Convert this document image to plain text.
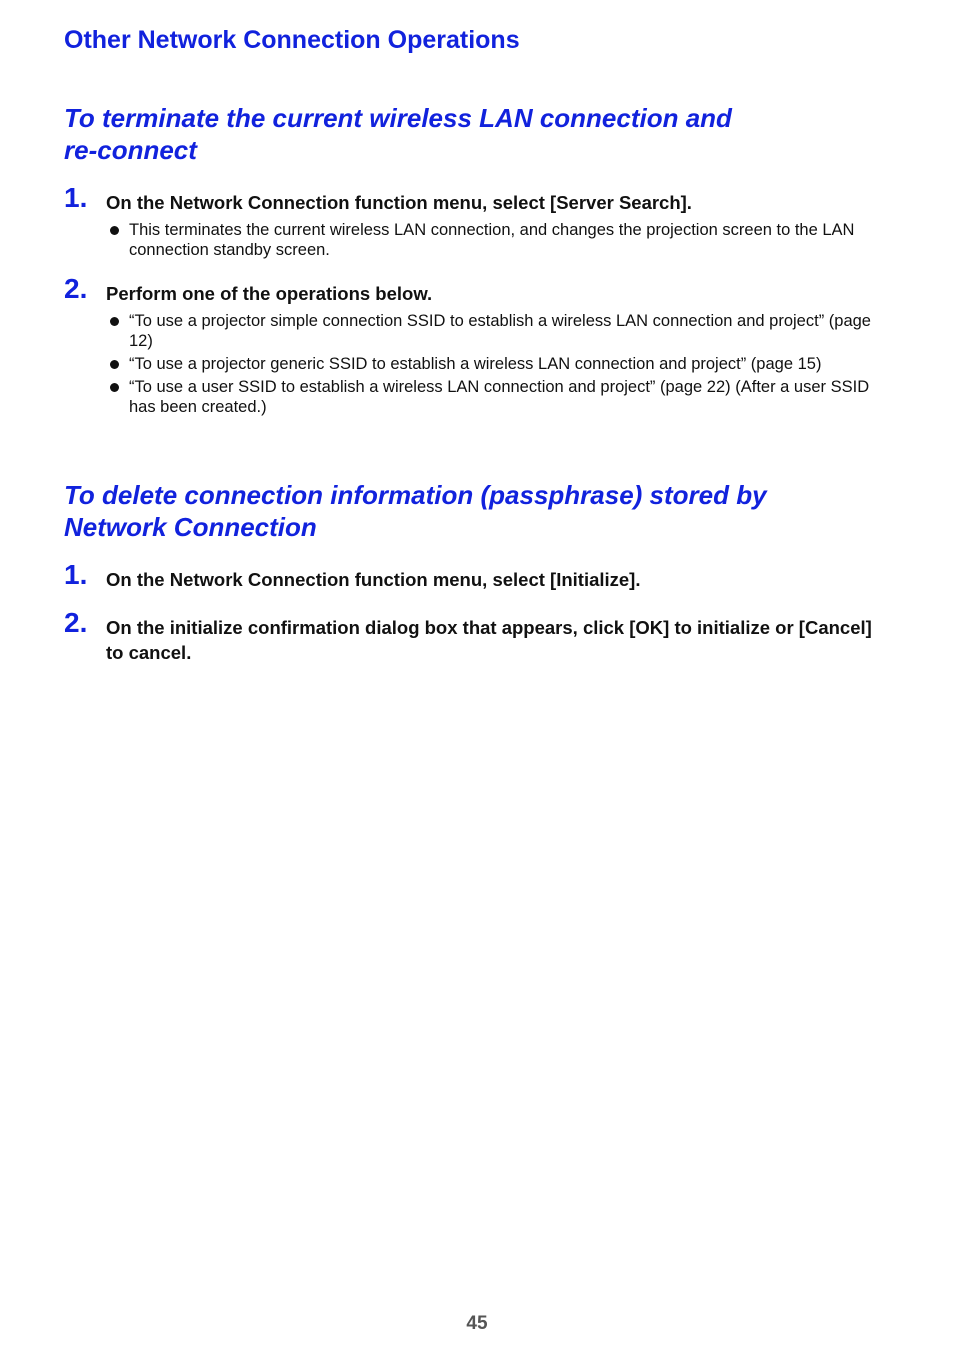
Other Network Connection Operations
To terminate the current wireless LAN connection and
re-connect
1. On the Network Connection function menu, select [Server Search].
This terminates the current wireless LAN connection, and changes the projection screen to the LAN connection standby screen.
2. Perform one of the operations below.
“To use a projector simple connection SSID to establish a wireless LAN connection and project” (page 12)
“To use a projector generic SSID to establish a wireless LAN connection and project” (page 15)
“To use a user SSID to establish a wireless LAN connection and project” (page 22) (After a user SSID has been created.)
To delete connection information (passphrase) stored by
Network Connection
1. On the Network Connection function menu, select [Initialize].
2. On the initialize confirmation dialog box that appears, click [OK] to initialize or [Cancel] to cancel.
45
